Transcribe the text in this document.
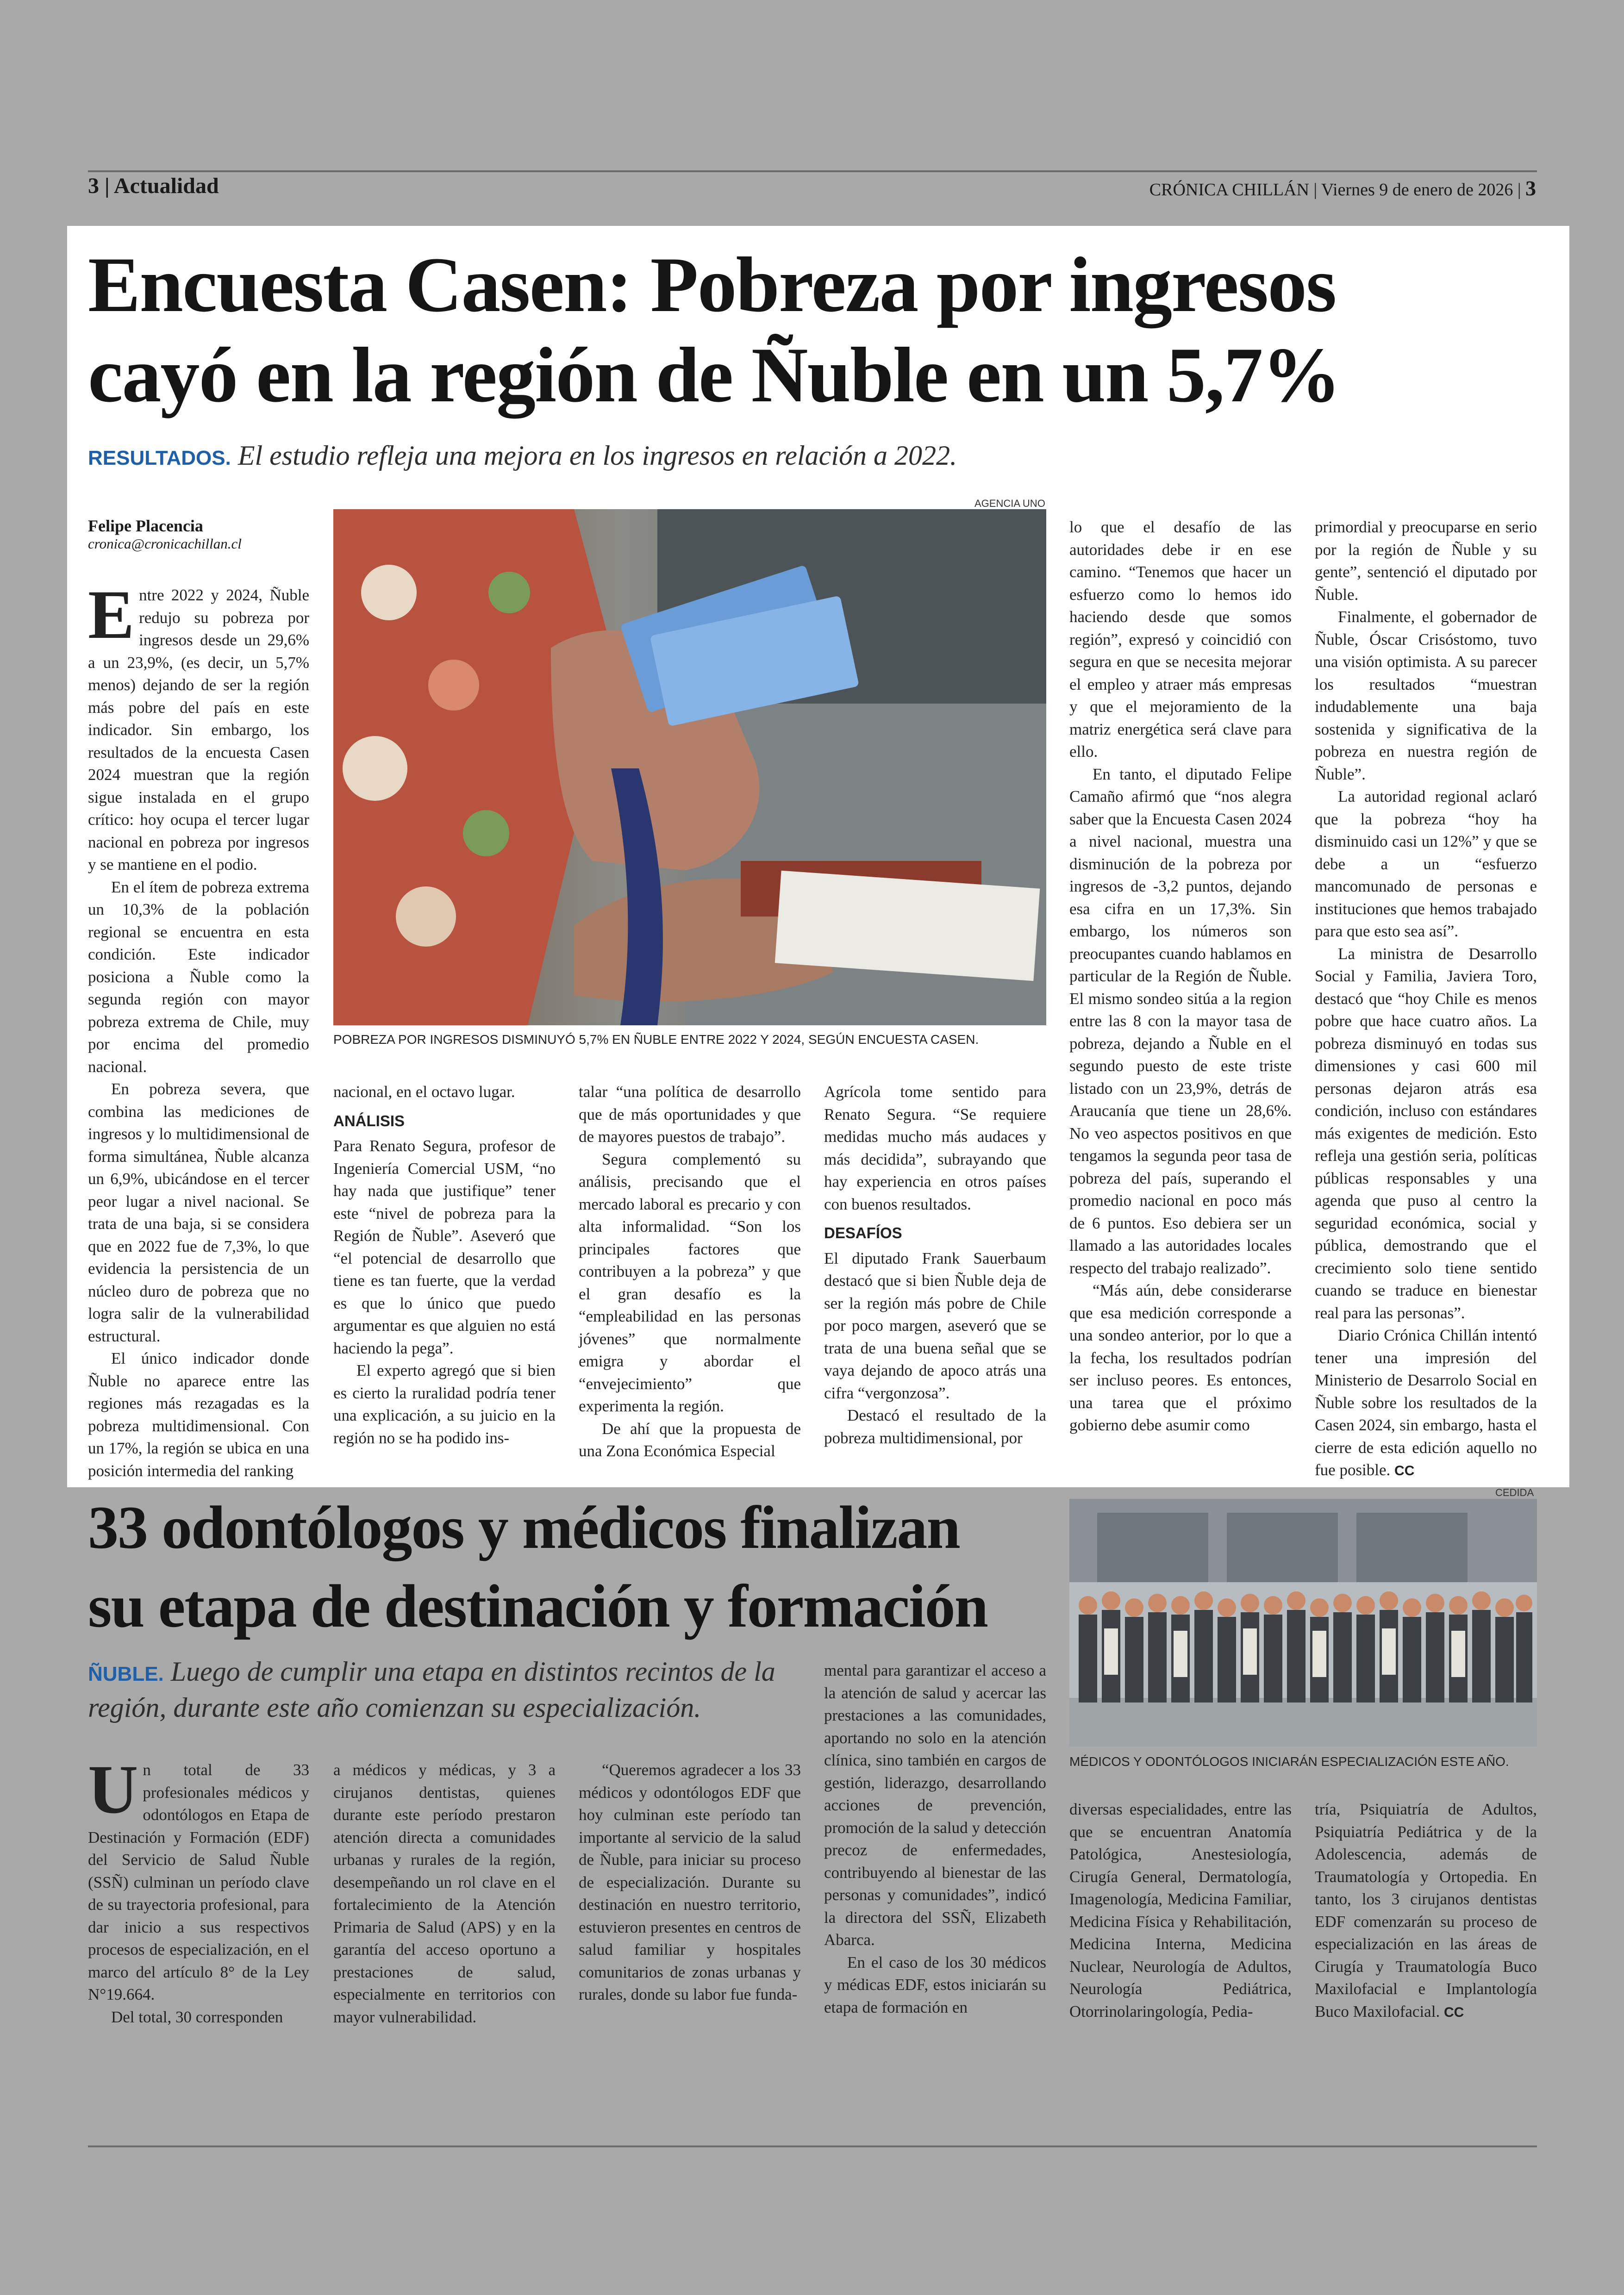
3 | Actualidad	CRÓNICA CHILLÁN | Viernes 9 de enero de 2026 | 3
Encuesta Casen: Pobreza por ingresos
cayó en la región de Ñuble en un 5,7%
RESULTADOS. El estudio refleja una mejora en los ingresos en relación a 2022.
Felipe Placencia
cronica@cronicachillan.cl

Entre 2022 y 2024, Ñuble redujo su pobreza por ingresos desde un 29,6% a un 23,9%, (es decir, un 5,7% menos) dejando de ser la región más pobre del país en este indicador. Sin embargo, los resultados de la encuesta Casen 2024 muestran que la región sigue instalada en el grupo crítico: hoy ocupa el tercer lugar nacional en pobreza por ingresos y se mantiene en el podio.

En el ítem de pobreza extrema un 10,3% de la población regional se encuentra en esta condición. Este indicador posiciona a Ñuble como la segunda región con mayor pobreza extrema de Chile, muy por encima del promedio nacional.

En pobreza severa, que combina las mediciones de ingresos y lo multidimensional de forma simultánea, Ñuble alcanza un 6,9%, ubicándose en el tercer peor lugar a nivel nacional. Se trata de una baja, si se considera que en 2022 fue de 7,3%, lo que evidencia la persistencia de un núcleo duro de pobreza que no logra salir de la vulnerabilidad estructural.

El único indicador donde Ñuble no aparece entre las regiones más rezagadas es la pobreza multidimensional. Con un 17%, la región se ubica en una posición intermedia del ranking

AGENCIA UNO
POBREZA POR INGRESOS DISMINUYÓ 5,7% EN ÑUBLE ENTRE 2022 Y 2024, SEGÚN ENCUESTA CASEN.

nacional, en el octavo lugar.

ANÁLISIS

Para Renato Segura, profesor de Ingeniería Comercial USM, “no hay nada que justifique” tener este “nivel de pobreza para la Región de Ñuble”. Aseveró que “el potencial de desarrollo que tiene es tan fuerte, que la verdad es que lo único que puedo argumentar es que alguien no está haciendo la pega”.

El experto agregó que si bien es cierto la ruralidad podría tener una explicación, a su juicio en la región no se ha podido ins-

talar “una política de desarrollo que de más oportunidades y que de mayores puestos de trabajo”.

Segura complementó su análisis, precisando que el mercado laboral es precario y con alta informalidad. “Son los principales factores que contribuyen a la pobreza” y que el gran desafío es la “empleabilidad en las personas jóvenes” que normalmente emigra y abordar el “envejecimiento” que experimenta la región.

De ahí que la propuesta de una Zona Económica Especial

Agrícola tome sentido para Renato Segura. “Se requiere medidas mucho más audaces y más decidida”, subrayando que hay experiencia en otros países con buenos resultados.

DESAFÍOS

El diputado Frank Sauerbaum destacó que si bien Ñuble deja de ser la región más pobre de Chile por poco margen, aseveró que se trata de una buena señal que se vaya dejando de apoco atrás una cifra “vergonzosa”.

Destacó el resultado de la pobreza multidimensional, por

lo que el desafío de las autoridades debe ir en ese camino. “Tenemos que hacer un esfuerzo como lo hemos ido haciendo desde que somos región”, expresó y coincidió con segura en que se necesita mejorar el empleo y atraer más empresas y que el mejoramiento de la matriz energética será clave para ello.

En tanto, el diputado Felipe Camaño afirmó que “nos alegra saber que la Encuesta Casen 2024 a nivel nacional, muestra una disminución de la pobreza por ingresos de -3,2 puntos, dejando esa cifra en un 17,3%. Sin embargo, los números son preocupantes cuando hablamos en particular de la Región de Ñuble. El mismo sondeo sitúa a la region entre las 8 con la mayor tasa de pobreza, dejando a Ñuble en el segundo puesto de este triste listado con un 23,9%, detrás de Araucanía que tiene un 28,6%. No veo aspectos positivos en que tengamos la segunda peor tasa de pobreza del país, superando el promedio nacional en poco más de 6 puntos. Eso debiera ser un llamado a las autoridades locales respecto del trabajo realizado”.

“Más aún, debe considerarse que esa medición corresponde a una sondeo anterior, por lo que a la fecha, los resultados podrían ser incluso peores. Es entonces, una tarea que el próximo gobierno debe asumir como

primordial y preocuparse en serio por la región de Ñuble y su gente”, sentenció el diputado por Ñuble.

Finalmente, el gobernador de Ñuble, Óscar Crisóstomo, tuvo una visión optimista. A su parecer los resultados “muestran indudablemente una baja sostenida y significativa de la pobreza en nuestra región de Ñuble”.

La autoridad regional aclaró que la pobreza “hoy ha disminuido casi un 12%” y que se debe a un “esfuerzo mancomunado de personas e instituciones que hemos trabajado para que esto sea así”.

La ministra de Desarrollo Social y Familia, Javiera Toro, destacó que “hoy Chile es menos pobre que hace cuatro años. La pobreza disminuyó en todas sus dimensiones y casi 600 mil personas dejaron atrás esa condición, incluso con estándares más exigentes de medición. Esto refleja una gestión seria, políticas públicas responsables y una agenda que puso al centro la seguridad económica, social y pública, demostrando que el crecimiento solo tiene sentido cuando se traduce en bienestar real para las personas”.

Diario Crónica Chillán intentó tener una impresión del Ministerio de Desarrolo Social en Ñuble sobre los resultados de la Casen 2024, sin embargo, hasta el cierre de esta edición aquello no fue posible. CC

33 odontólogos y médicos finalizan
su etapa de destinación y formación
ÑUBLE. Luego de cumplir una etapa en distintos recintos de la región, durante este año comienzan su especialización.
CEDIDA
MÉDICOS Y ODONTÓLOGOS INICIARÁN ESPECIALIZACIÓN ESTE AÑO.

Un total de 33 profesionales médicos y odontólogos en Etapa de Destinación y Formación (EDF) del Servicio de Salud Ñuble (SSÑ) culminan un período clave de su trayectoria profesional, para dar inicio a sus respectivos procesos de especialización, en el marco del artículo 8° de la Ley N°19.664.

Del total, 30 corresponden

a médicos y médicas, y 3 a cirujanos dentistas, quienes durante este período prestaron atención directa a comunidades urbanas y rurales de la región, desempeñando un rol clave en el fortalecimiento de la Atención Primaria de Salud (APS) y en la garantía del acceso oportuno a prestaciones de salud, especialmente en territorios con mayor vulnerabilidad.

“Queremos agradecer a los 33 médicos y odontólogos EDF que hoy culminan este período tan importante al servicio de la salud de Ñuble, para iniciar su proceso de especialización. Durante su destinación en nuestro territorio, estuvieron presentes en centros de salud familiar y hospitales comunitarios de zonas urbanas y rurales, donde su labor fue funda-

mental para garantizar el acceso a la atención de salud y acercar las prestaciones a las comunidades, aportando no solo en la atención clínica, sino también en cargos de gestión, liderazgo, desarrollando acciones de prevención, promoción de la salud y detección precoz de enfermedades, contribuyendo al bienestar de las personas y comunidades”, indicó la directora del SSÑ, Elizabeth Abarca.

En el caso de los 30 médicos y médicas EDF, estos iniciarán su etapa de formación en

diversas especialidades, entre las que se encuentran Anatomía Patológica, Anestesiología, Cirugía General, Dermatología, Imagenología, Medicina Familiar, Medicina Física y Rehabilitación, Medicina Interna, Medicina Nuclear, Neurología de Adultos, Neurología Pediátrica, Otorrinolaringología, Pedia-

tría, Psiquiatría de Adultos, Psiquiatría Pediátrica y de la Adolescencia, además de Traumatología y Ortopedia. En tanto, los 3 cirujanos dentistas EDF comenzarán su proceso de especialización en las áreas de Cirugía y Traumatología Buco Maxilofacial e Implantología Buco Maxilofacial. CC
